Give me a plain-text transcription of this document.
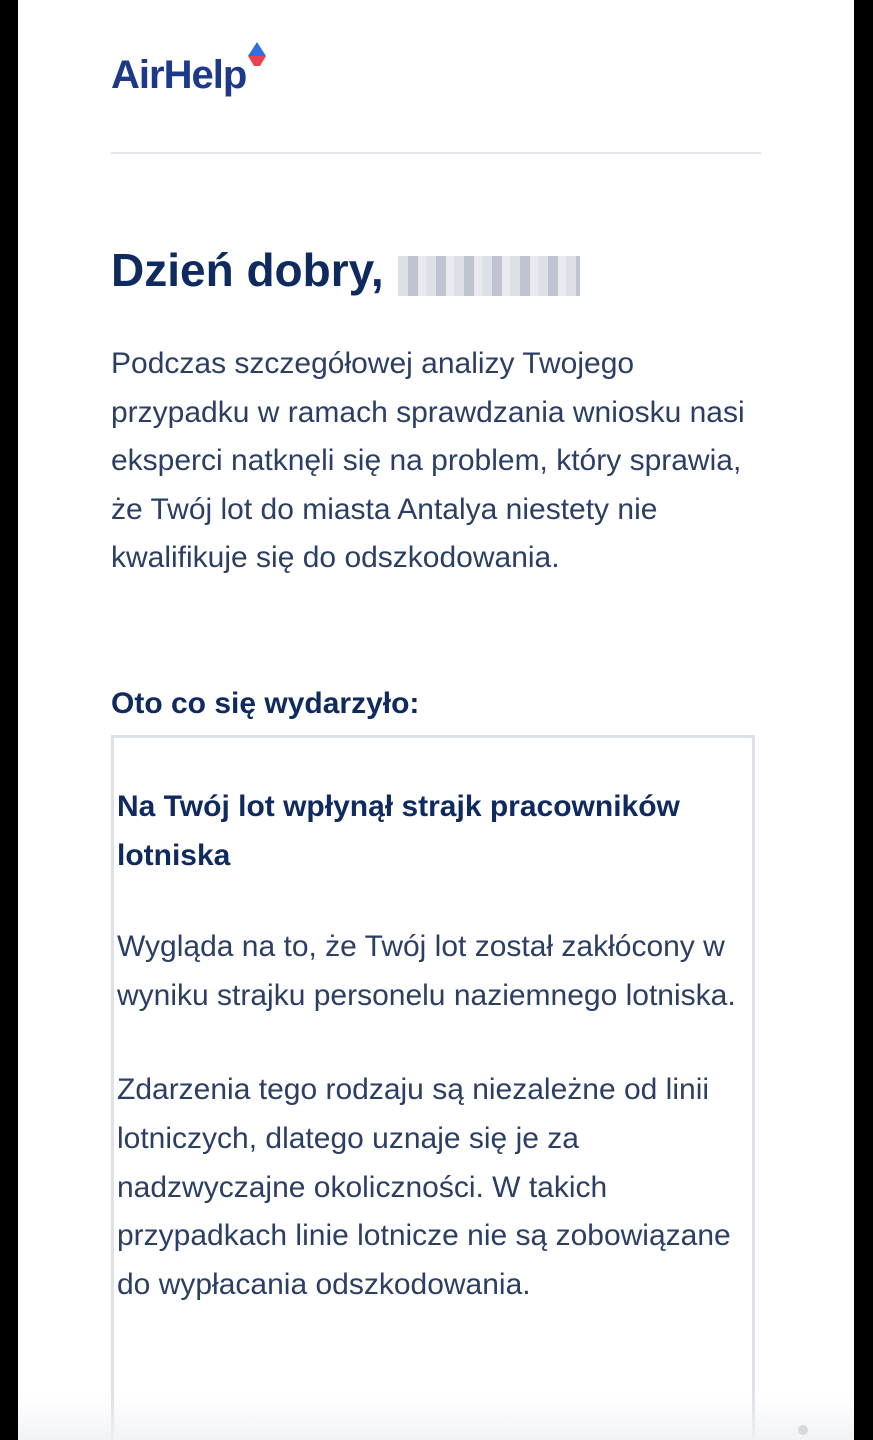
AirHelp
Dzień dobry,

Podczas szczegółowej analizy Twojego przypadku w ramach sprawdzania wniosku nasi eksperci natknęli się na problem, który sprawia, że Twój lot do miasta Antalya niestety nie kwalifikuje się do odszkodowania.

Oto co się wydarzyło:

Na Twój lot wpłynął strajk pracowników lotniska

Wygląda na to, że Twój lot został zakłócony w wyniku strajku personelu naziemnego lotniska.

Zdarzenia tego rodzaju są niezależne od linii lotniczych, dlatego uznaje się je za nadzwyczajne okoliczności. W takich przypadkach linie lotnicze nie są zobowiązane do wypłacania odszkodowania.
